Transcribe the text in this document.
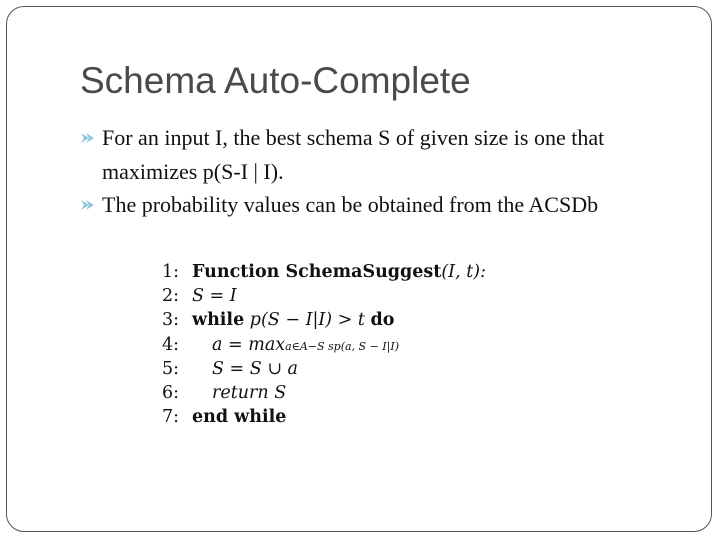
Schema Auto-Complete
For an input I, the best schema S of given size is one that maximizes p(S-I | I).
The probability values can be obtained from the ACSDb
1: Function SchemaSuggest(I, t):
2: S = I
3: while p(S − I|I) > t do
4: a = maxa∈A−S sp(a, S − I|I)
5: S = S ∪ a
6: return S
7: end while
